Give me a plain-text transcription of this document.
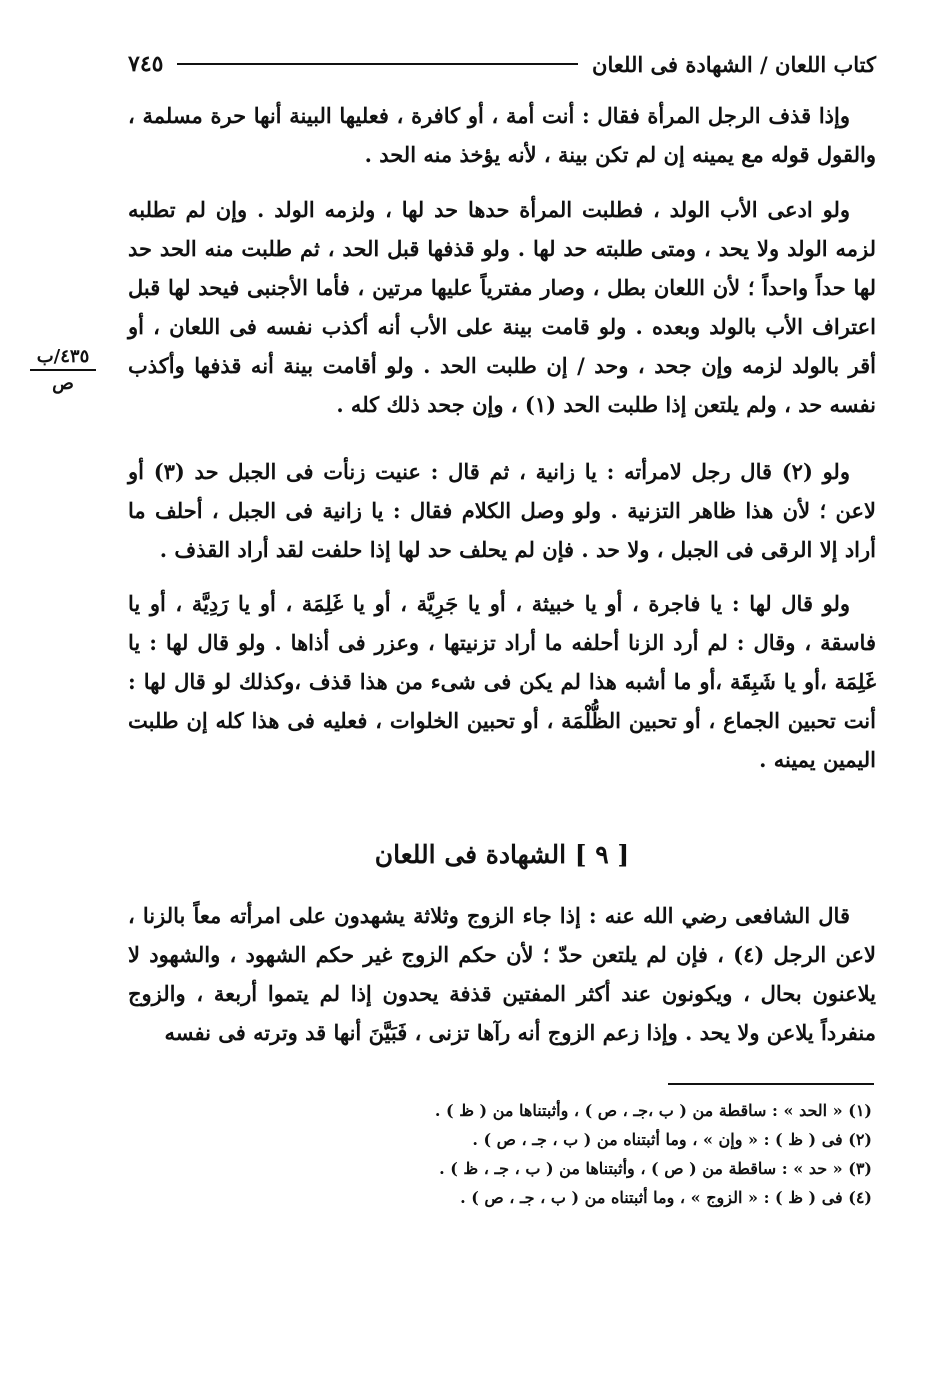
كتاب اللعان / الشهادة فى اللعان
٧٤٥
٤٣٥/ب
ص

وإذا قذف الرجل المرأة فقال : أنت أمة ، أو كافرة ، فعليها البينة أنها حرة مسلمة ، والقول قوله مع يمينه إن لم تكن بينة ، لأنه يؤخذ منه الحد .

ولو ادعى الأب الولد ، فطلبت المرأة حدها حد لها ، ولزمه الولد . وإن لم تطلبه لزمه الولد ولا يحد ، ومتى طلبته حد لها . ولو قذفها قبل الحد ، ثم طلبت منه الحد حد لها حداً واحداً ؛ لأن اللعان بطل ، وصار مفترياً عليها مرتين ، فأما الأجنبى فيحد لها قبل اعتراف الأب بالولد وبعده . ولو قامت بينة على الأب أنه أكذب نفسه فى اللعان ، أو أقر بالولد لزمه وإن جحد ، وحد / إن طلبت الحد . ولو أقامت بينة أنه قذفها وأكذب نفسه حد ، ولم يلتعن إذا طلبت الحد (١) ، وإن جحد ذلك كله .

ولو (٢) قال رجل لامرأته : يا زانية ، ثم قال : عنيت زنأت فى الجبل حد (٣) أو لاعن ؛ لأن هذا ظاهر التزنية . ولو وصل الكلام فقال : يا زانية فى الجبل ، أحلف ما أراد إلا الرقى فى الجبل ، ولا حد . فإن لم يحلف حد لها إذا حلفت لقد أراد القذف .

ولو قال لها : يا فاجرة ، أو يا خبيثة ، أو يا جَرِيَّة ، أو يا غَلِمَة ، أو يا رَدِيَّة ، أو يا فاسقة ، وقال : لم أرد الزنا أحلفه ما أراد تزنيتها ، وعزر فى أذاها . ولو قال لها : يا غَلِمَة ،أو يا شَبِقَة ،أو ما أشبه هذا لم يكن فى شىء من هذا قذف ،وكذلك لو قال لها : أنت تحبين الجماع ، أو تحبين الظُّلْمَة ، أو تحبين الخلوات ، فعليه فى هذا كله إن طلبت اليمين يمينه .

[ ٩ ] الشهادة فى اللعان

قال الشافعى رضي الله عنه : إذا جاء الزوج وثلاثة يشهدون على امرأته معاً بالزنا ، لاعن الرجل (٤) ، فإن لم يلتعن حدّ ؛ لأن حكم الزوج غير حكم الشهود ، والشهود لا يلاعنون بحال ، ويكونون عند أكثر المفتين قذفة يحدون إذا لم يتموا أربعة ، والزوج منفرداً يلاعن ولا يحد . وإذا زعم الزوج أنه رآها تزنى ، فَبَيَّنَ أنها قد وترته فى نفسه

(١) « الحد » : ساقطة من ( ب ،جـ ، ص ) ، وأثبتناها من ( ظ ) .
(٢) فى ( ظ ) : « وإن » ، وما أثبتناه من ( ب ، جـ ، ص ) .
(٣) « حد » : ساقطة من ( ص ) ، وأثبتناها من ( ب ، جـ ، ظ ) .
(٤) فى ( ظ ) : « الزوج » ، وما أثبتناه من ( ب ، جـ ، ص ) .
